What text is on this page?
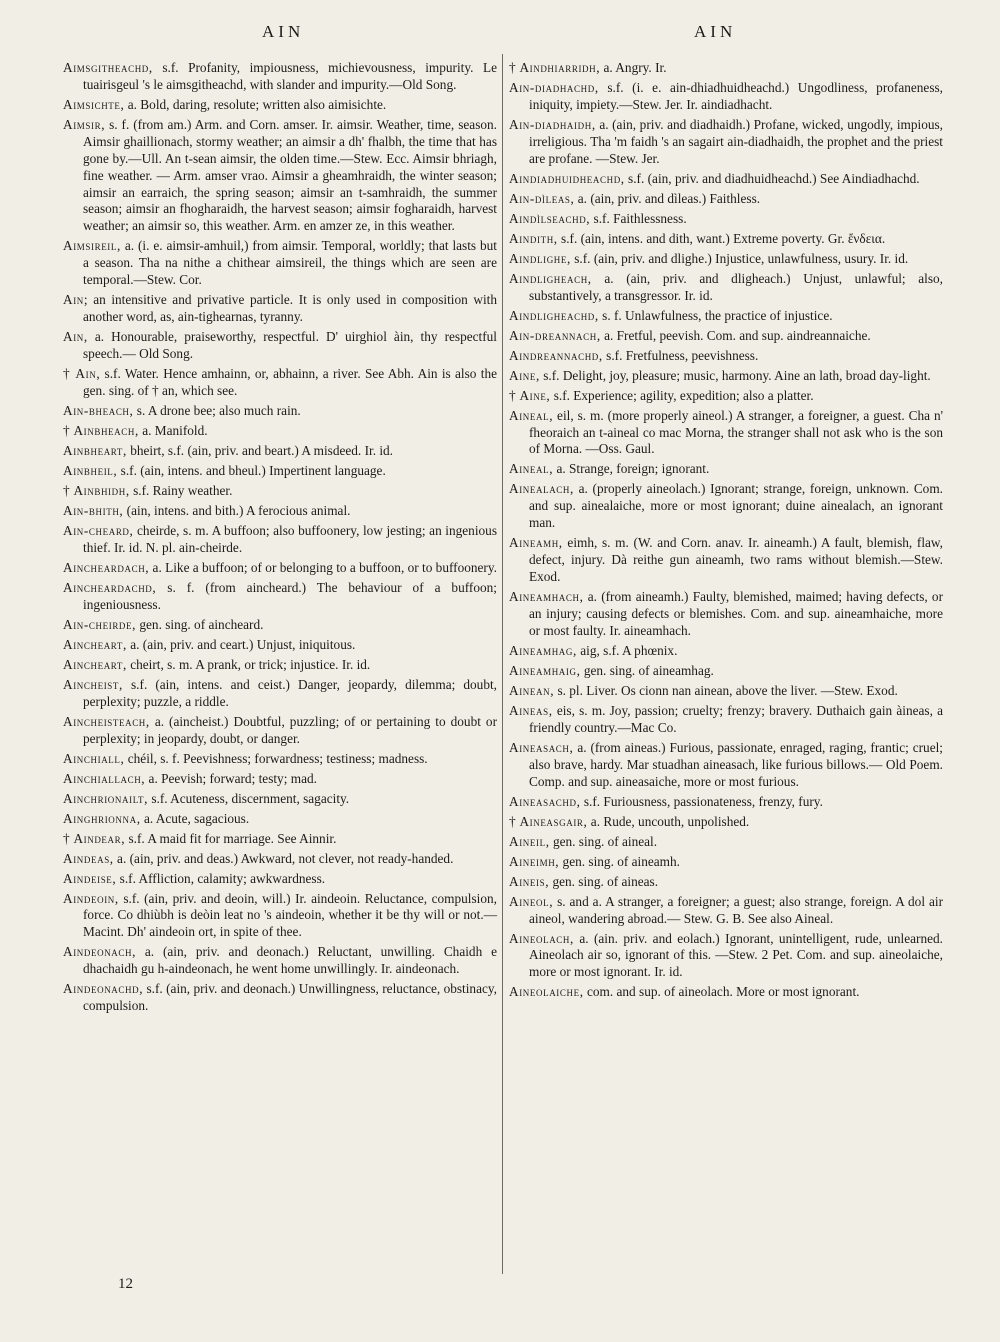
AIN	AIN

Aimsgitheachd, s.f. Profanity, impiousness, michievousness, impurity. Le tuairisgeul 's le aimsgitheachd, with slander and impurity.—Old Song.

Aimsichte, a. Bold, daring, resolute; written also aimisichte.

Aimsir, s. f. (from am.) Arm. and Corn. amser. Ir. aimsir. Weather, time, season. Aimsir ghaillionach, stormy weather; an aimsir a dh' fhalbh, the time that has gone by.—Ull. An t-sean aimsir, the olden time.—Stew. Ecc. Aimsir bhriagh, fine weather. — Arm. amser vrao. Aimsir a gheamhraidh, the winter season; aimsir an earraich, the spring season; aimsir an t-samhraidh, the summer season; aimsir an fhogharaidh, the harvest season; aimsir fogharaidh, harvest weather; an aimsir so, this weather. Arm. en amzer ze, in this weather.

Aimsireil, a. (i. e. aimsir-amhuil,) from aimsir. Temporal, worldly; that lasts but a season. Tha na nithe a chithear aimsireil, the things which are seen are temporal.—Stew. Cor.

Ain; an intensitive and privative particle. It is only used in composition with another word, as, ain-tighearnas, tyranny.

Ain, a. Honourable, praiseworthy, respectful. D' uirghiol àin, thy respectful speech.— Old Song.

† Ain, s.f. Water. Hence amhainn, or, abhainn, a river. See Abh. Ain is also the gen. sing. of † an, which see.

Ain-bheach, s. A drone bee; also much rain.

† Ainbheach, a. Manifold.

Ainbheart, bheirt, s.f. (ain, priv. and beart.) A misdeed. Ir. id.

Ainbheil, s.f. (ain, intens. and bheul.) Impertinent language.

† Ainbhidh, s.f. Rainy weather.

Ain-bhith, (ain, intens. and bith.) A ferocious animal.

Ain-cheard, cheirde, s. m. A buffoon; also buffoonery, low jesting; an ingenious thief. Ir. id. N. pl. ain-cheirde.

Aincheardach, a. Like a buffoon; of or belonging to a buffoon, or to buffoonery.

Aincheardachd, s. f. (from aincheard.) The behaviour of a buffoon; ingeniousness.

Ain-cheirde, gen. sing. of aincheard.

Aincheart, a. (ain, priv. and ceart.) Unjust, iniquitous.

Aincheart, cheirt, s. m. A prank, or trick; injustice. Ir. id.

Aincheist, s.f. (ain, intens. and ceist.) Danger, jeopardy, dilemma; doubt, perplexity; puzzle, a riddle.

Aincheisteach, a. (aincheist.) Doubtful, puzzling; of or pertaining to doubt or perplexity; in jeopardy, doubt, or danger.

Ainchiall, chéil, s. f. Peevishness; forwardness; testiness; madness.

Ainchiallach, a. Peevish; forward; testy; mad.

Ainchrionailt, s.f. Acuteness, discernment, sagacity.

Ainghrionna, a. Acute, sagacious.

† Aindear, s.f. A maid fit for marriage. See Ainnir.

Aindeas, a. (ain, priv. and deas.) Awkward, not clever, not ready-handed.

Aindeise, s.f. Affliction, calamity; awkwardness.

Aindeoin, s.f. (ain, priv. and deoin, will.) Ir. aindeoin. Reluctance, compulsion, force. Co dhiùbh is deòin leat no 's aindeoin, whether it be thy will or not.—Macint. Dh' aindeoin ort, in spite of thee.

Aindeonach, a. (ain, priv. and deonach.) Reluctant, unwilling. Chaidh e dhachaidh gu h-aindeonach, he went home unwillingly. Ir. aindeonach.

Aindeonachd, s.f. (ain, priv. and deonach.) Unwillingness, reluctance, obstinacy, compulsion.

† Aindhiarridh, a. Angry. Ir.

Ain-diadhachd, s.f. (i. e. ain-dhiadhuidheachd.) Ungodliness, profaneness, iniquity, impiety.—Stew. Jer. Ir. aindiadhacht.

Ain-diadhaidh, a. (ain, priv. and diadhaidh.) Profane, wicked, ungodly, impious, irreligious. Tha 'm faidh 's an sagairt ain-diadhaidh, the prophet and the priest are profane. —Stew. Jer.

Aindiadhuidheachd, s.f. (ain, priv. and diadhuidheachd.) See Aindiadhachd.

Ain-dìleas, a. (ain, priv. and dìleas.) Faithless.

Aindìlseachd, s.f. Faithlessness.

Aindith, s.f. (ain, intens. and dith, want.) Extreme poverty. Gr. ἔνδεια.

Aindlighe, s.f. (ain, priv. and dlighe.) Injustice, unlawfulness, usury. Ir. id.

Aindligheach, a. (ain, priv. and dligheach.) Unjust, unlawful; also, substantively, a transgressor. Ir. id.

Aindligheachd, s. f. Unlawfulness, the practice of injustice.

Ain-dreannach, a. Fretful, peevish. Com. and sup. aindreannaiche.

Aindreannachd, s.f. Fretfulness, peevishness.

Aine, s.f. Delight, joy, pleasure; music, harmony. Aine an lath, broad day-light.

† Aine, s.f. Experience; agility, expedition; also a platter.

Aineal, eil, s. m. (more properly aineol.) A stranger, a foreigner, a guest. Cha n' fheoraich an t-aineal co mac Morna, the stranger shall not ask who is the son of Morna. —Oss. Gaul.

Aineal, a. Strange, foreign; ignorant.

Ainealach, a. (properly aineolach.) Ignorant; strange, foreign, unknown. Com. and sup. ainealaiche, more or most ignorant; duine ainealach, an ignorant man.

Aineamh, eimh, s. m. (W. and Corn. anav. Ir. aineamh.) A fault, blemish, flaw, defect, injury. Dà reithe gun aineamh, two rams without blemish.—Stew. Exod.

Aineamhach, a. (from aineamh.) Faulty, blemished, maimed; having defects, or an injury; causing defects or blemishes. Com. and sup. aineamhaiche, more or most faulty. Ir. aineamhach.

Aineamhag, aig, s.f. A phœnix.

Aineamhaig, gen. sing. of aineamhag.

Ainean, s. pl. Liver. Os cionn nan ainean, above the liver. —Stew. Exod.

Aineas, eis, s. m. Joy, passion; cruelty; frenzy; bravery. Duthaich gain àineas, a friendly country.—Mac Co.

Aineasach, a. (from aineas.) Furious, passionate, enraged, raging, frantic; cruel; also brave, hardy. Mar stuadhan aineasach, like furious billows.— Old Poem. Comp. and sup. aineasaiche, more or most furious.

Aineasachd, s.f. Furiousness, passionateness, frenzy, fury.

† Aineasgair, a. Rude, uncouth, unpolished.

Aineil, gen. sing. of aineal.

Aineimh, gen. sing. of aineamh.

Aineis, gen. sing. of aineas.

Aineol, s. and a. A stranger, a foreigner; a guest; also strange, foreign. A dol air aineol, wandering abroad.— Stew. G. B. See also Aineal.

Aineolach, a. (ain. priv. and eolach.) Ignorant, unintelligent, rude, unlearned. Aineolach air so, ignorant of this. —Stew. 2 Pet. Com. and sup. aineolaiche, more or most ignorant. Ir. id.

Aineolaiche, com. and sup. of aineolach. More or most ignorant.

12
